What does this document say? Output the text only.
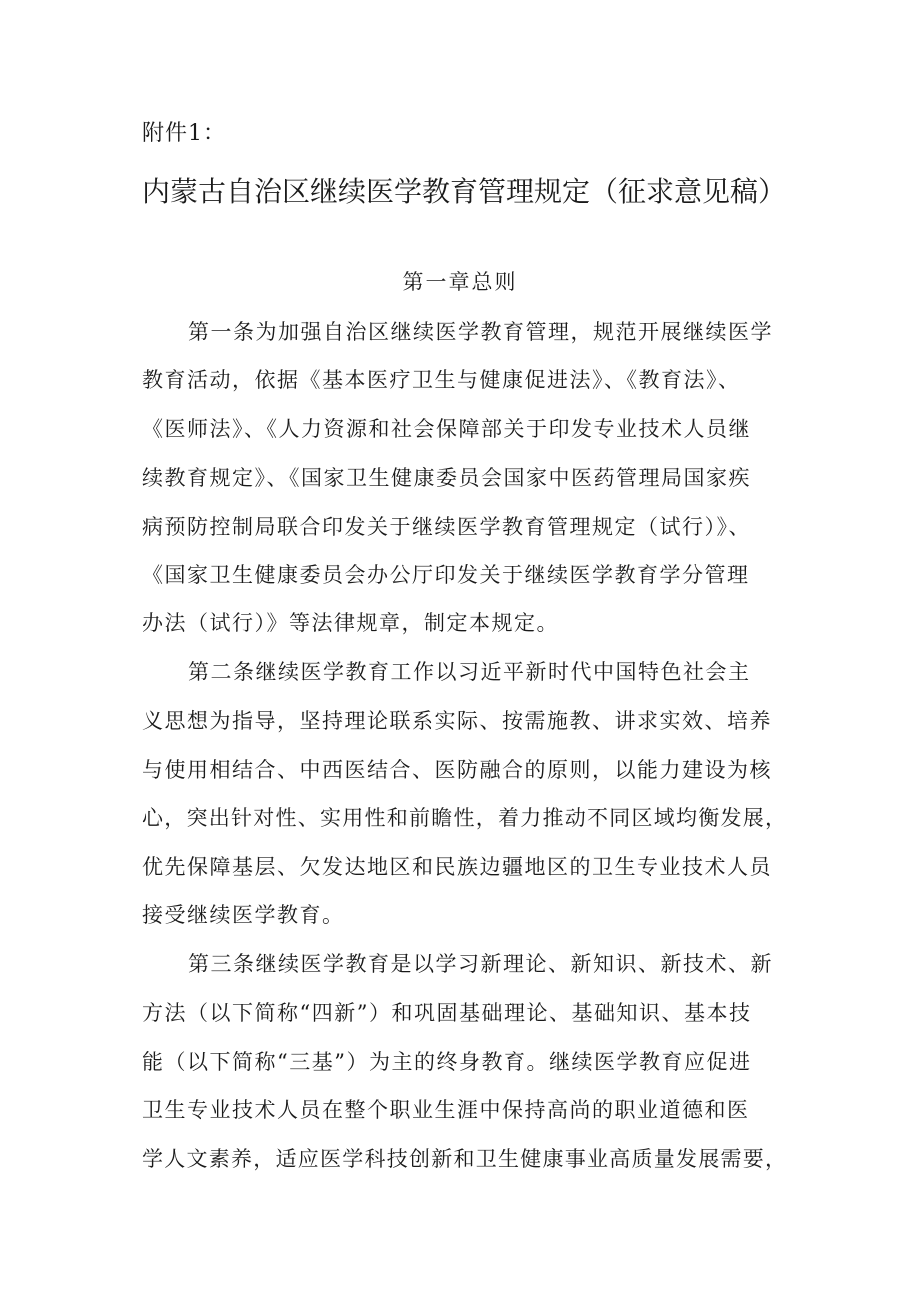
附件1：
内蒙古自治区继续医学教育管理规定（征求意见稿）
第一章总则
第一条为加强自治区继续医学教育管理，规范开展继续医学
教育活动，依据《基本医疗卫生与健康促进法》、《教育法》、
《医师法》、《人力资源和社会保障部关于印发专业技术人员继
续教育规定》、《国家卫生健康委员会国家中医药管理局国家疾
病预防控制局联合印发关于继续医学教育管理规定（试行）》、
《国家卫生健康委员会办公厅印发关于继续医学教育学分管理
办法（试行）》等法律规章，制定本规定。
第二条继续医学教育工作以习近平新时代中国特色社会主
义思想为指导，坚持理论联系实际、按需施教、讲求实效、培养
与使用相结合、中西医结合、医防融合的原则，以能力建设为核
心，突出针对性、实用性和前瞻性，着力推动不同区域均衡发展，
优先保障基层、欠发达地区和民族边疆地区的卫生专业技术人员
接受继续医学教育。
第三条继续医学教育是以学习新理论、新知识、新技术、新
方法（以下简称“四新”）和巩固基础理论、基础知识、基本技
能（以下简称“三基”）为主的终身教育。继续医学教育应促进
卫生专业技术人员在整个职业生涯中保持高尚的职业道德和医
学人文素养，适应医学科技创新和卫生健康事业高质量发展需要，
